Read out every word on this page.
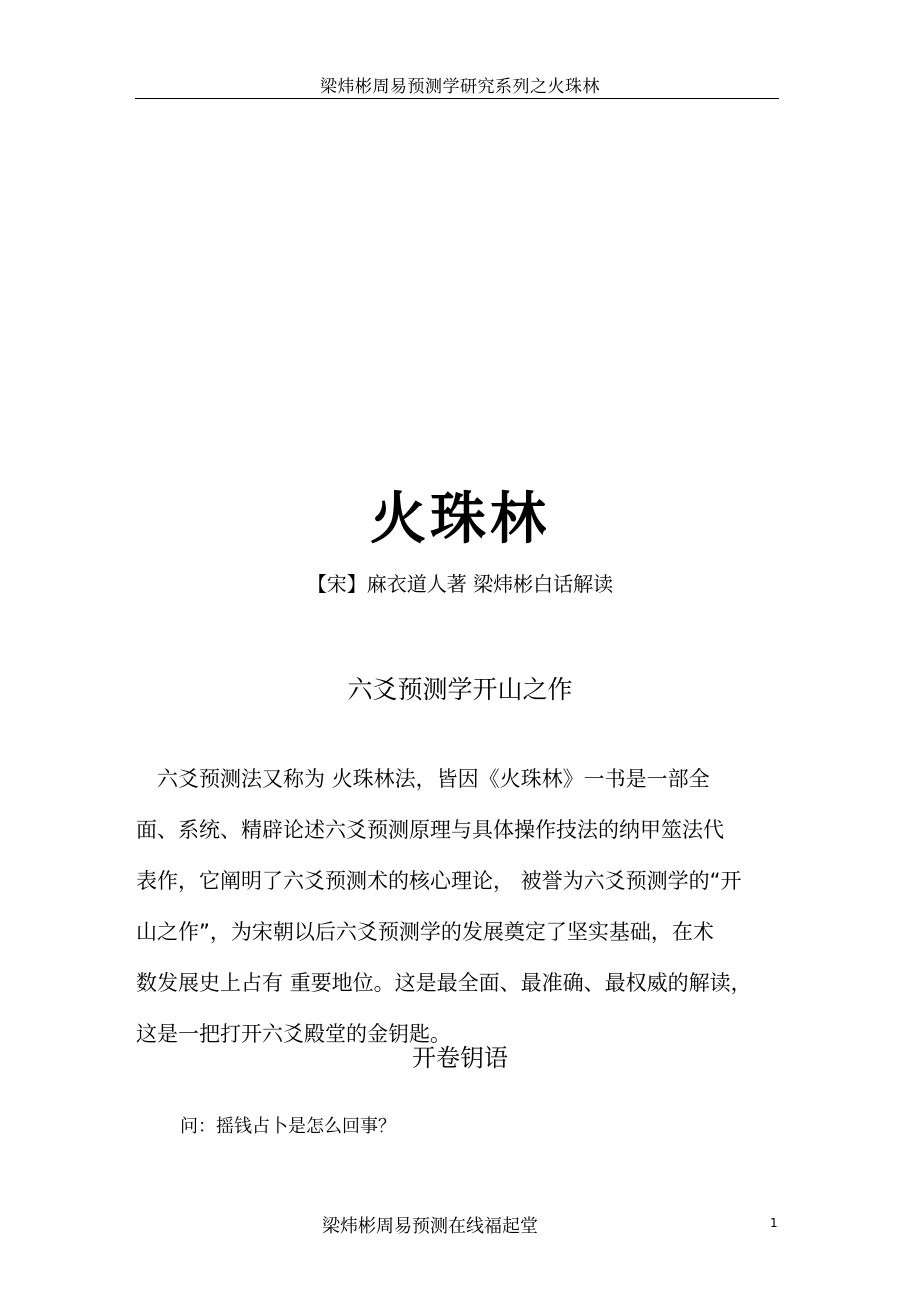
梁炜彬周易预测学研究系列之火珠林
火珠林
【宋】麻衣道人著 梁炜彬白话解读
六爻预测学开山之作
　六爻预测法又称为 火珠林法，皆因《火珠林》一书是一部全
面、系统、精辟论述六爻预测原理与具体操作技法的纳甲筮法代
表作，它阐明了六爻预测术的核心理论， 被誉为六爻预测学的“开
山之作”，为宋朝以后六爻预测学的发展奠定了坚实基础，在术
数发展史上占有 重要地位。这是最全面、最准确、最权威的解读，
这是一把打开六爻殿堂的金钥匙。
开卷钥语
问：摇钱占卜是怎么回事？
梁炜彬周易预测在线福起堂	1
